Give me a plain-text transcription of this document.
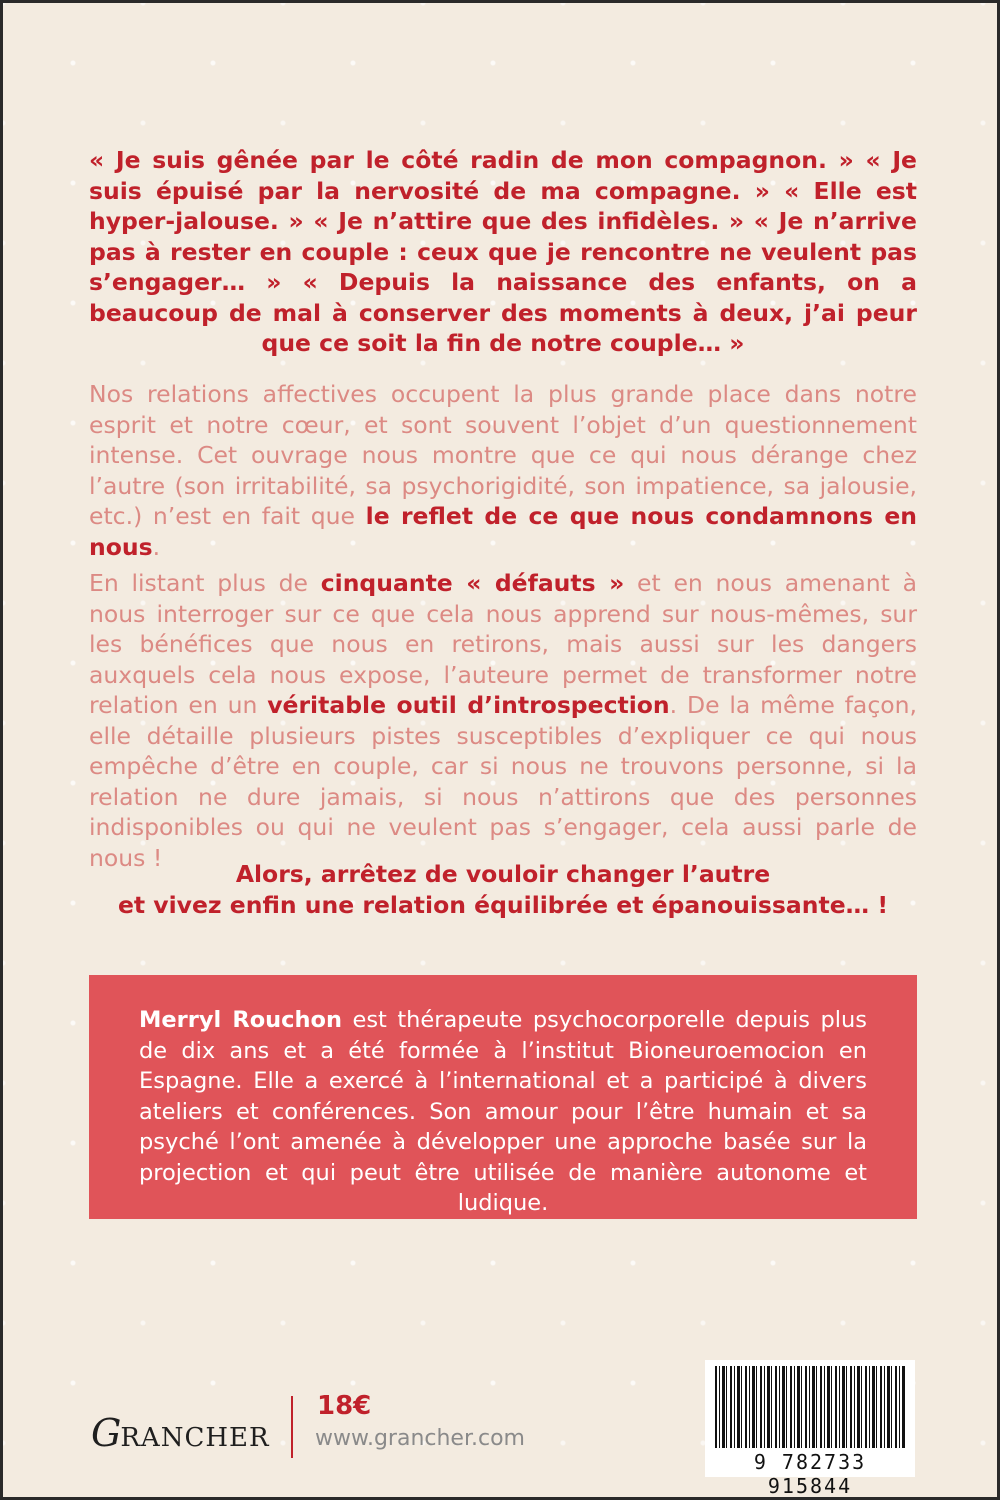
« Je suis gênée par le côté radin de mon compagnon. » « Je suis épuisé par la nervosité de ma compagne. » « Elle est hyper-jalouse. » « Je n’attire que des infidèles. » « Je n’arrive pas à rester en couple : ceux que je rencontre ne veulent pas s’engager… » « Depuis la naissance des enfants, on a beaucoup de mal à conserver des moments à deux, j’ai peur que ce soit la fin de notre couple… »
Nos relations affectives occupent la plus grande place dans notre esprit et notre cœur, et sont souvent l’objet d’un questionnement intense. Cet ouvrage nous montre que ce qui nous dérange chez l’autre (son irritabilité, sa psychorigidité, son impatience, sa jalousie, etc.) n’est en fait que le reflet de ce que nous condamnons en nous.
En listant plus de cinquante « défauts » et en nous amenant à nous interroger sur ce que cela nous apprend sur nous-mêmes, sur les bénéfices que nous en retirons, mais aussi sur les dangers auxquels cela nous expose, l’auteure permet de transformer notre relation en un véritable outil d’introspection. De la même façon, elle détaille plusieurs pistes susceptibles d’expliquer ce qui nous empêche d’être en couple, car si nous ne trouvons personne, si la relation ne dure jamais, si nous n’attirons que des personnes indisponibles ou qui ne veulent pas s’engager, cela aussi parle de nous !
Alors, arrêtez de vouloir changer l’autre
et vivez enfin une relation équilibrée et épanouissante… !
Merryl Rouchon est thérapeute psychocorporelle depuis plus de dix ans et a été formée à l’institut Bioneuroemocion en Espagne. Elle a exercé à l’international et a participé à divers ateliers et conférences. Son amour pour l’être humain et sa psyché l’ont amenée à développer une approche basée sur la projection et qui peut être utilisée de manière autonome et ludique.
GRANCHER
18€
www.grancher.com
9 782733 915844
